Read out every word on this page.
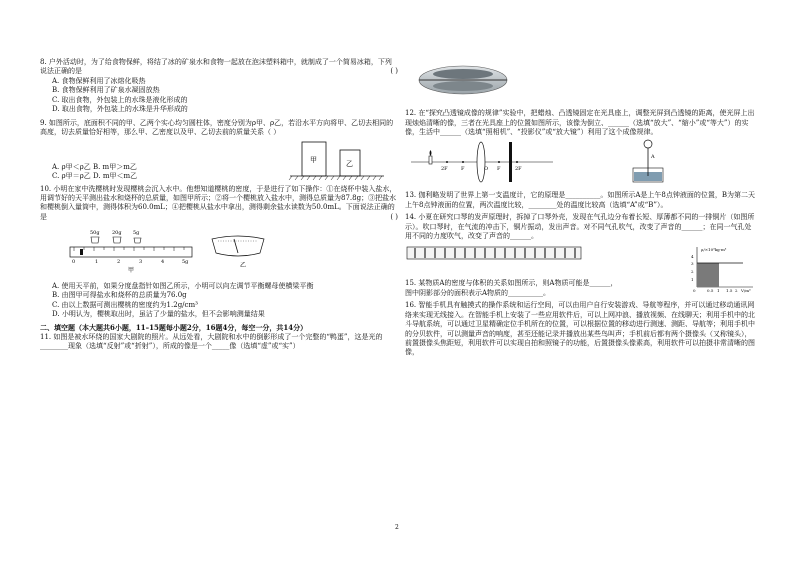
8. 户外活动时，为了给食物保鲜，将结了冰的矿泉水和食物一起放在泡沫塑料箱中，就制成了一个简易冰箱，下列说法正确的是	( )

A. 食物保鲜利用了冰熔化吸热

B. 食物保鲜利用了矿泉水凝固放热

C. 取出食物，外包装上的水珠是液化形成的

D. 取出食物，外包装上的水珠是升华形成的

9. 如图所示，底面积不同的甲、乙两个实心均匀圆柱体，密度分别为ρ甲、ρ乙，若沿水平方向将甲、乙切去相同的高度，切去质量恰好相等，那么甲、乙密度以及甲、乙切去前的质量关系（ ）

A. ρ甲＜ρ乙 B. m甲＞m乙

C. ρ甲＝ρ乙 D. m甲＜m乙

甲	乙

10. 小明在家中洗樱桃时发现樱桃会沉入水中。他想知道樱桃的密度，于是进行了如下操作：①在烧杯中装入盐水，用调节好的天平测出盐水和烧杯的总质量，如图甲所示；②将一个樱桃放入盐水中，测得总质量为87.8g；③把盐水和樱桃倒入量筒中，测得体积为60.0mL；④把樱桃从盐水中拿出，测得剩余盐水读数为50.0mL。下面说法正确的是	( )

50g 20g 5g
0	1	2	3	4	5g
甲
乙

A. 使用天平前，如果分度盘指针如图乙所示，小明可以向左调节平衡螺母使横梁平衡

B. 由图甲可得盐水和烧杯的总质量为76.0g

C. 由以上数据可测出樱桃的密度约为1.2g/cm³

D. 小明认为，樱桃取出时，虽沾了少量的盐水，但不会影响测量结果

二、填空题（本大题共6小题，11–15题每小题2分，16题4分，每空一分，共14分）

11. 如图是被水环绕的国家大剧院的照片。从远处看，大剧院和水中的倒影形成了一个完整的“鸭蛋”，这是光的________现象（选填“反射”或“折射”），所成的像是一个_____像（选填“虚”或“实”）

12. 在“探究凸透镜成像的规律”实验中，把蜡烛、凸透镜固定在光具座上，调整光屏到凸透镜的距离，使光屏上出现烛焰清晰的像，三者在光具座上的位置如图所示，该像为倒立、______（选填“放大”、“缩小”或“等大”）的实像，生活中______（选填“照相机”、“投影仪”或“放大镜”）利用了这个成像规律。

2F	F	O F	2F
A

13. 伽利略发明了世界上第一支温度计，它的原理是__________。如图所示A是上午8点钟液面的位置，B为第二天上午8点钟液面的位置，两次温度比较，________处的温度比较高（选填“A”或“B”）。

14. 小夏在研究口琴的发声原理时，拆掉了口琴外壳，发现在气孔边分布着长短、厚薄都不同的一排铜片（如图所示）。吹口琴时，在气流的冲击下，铜片振动，发出声音。对不同气孔吹气，改变了声音的______；在同一气孔处用不同的力度吹气，改变了声音的______。

ρ/×10³kg·m³
V/m³
4
3
2
1
0	0.5 1 1.5 2

15. 某物质A的密度与体积的关系如图所示，则A物质可能是______，

图中阴影部分的面积表示A物质的__________。

16. 智能手机具有触摸式的操作系统和运行空间，可以由用户自行安装游戏、导航等程序，并可以通过移动通讯网络来实现无线接入。在智能手机上安装了一些应用软件后，可以上网冲浪、播放视频、在线聊天；利用手机中的北斗导航系统，可以通过卫星精确定位手机所在的位置，可以根据位置的移动进行测速、测距、导航等；利用手机中的分贝软件，可以测量声音的响度，甚至还能记录并播放出某些鸟叫声；手机前后都有两个摄像头（又称镜头），前置摄像头焦距短，利用软件可以实现自拍和照镜子的功能，后置摄像头像素高，利用软件可以拍摄非常清晰的图像，

2
